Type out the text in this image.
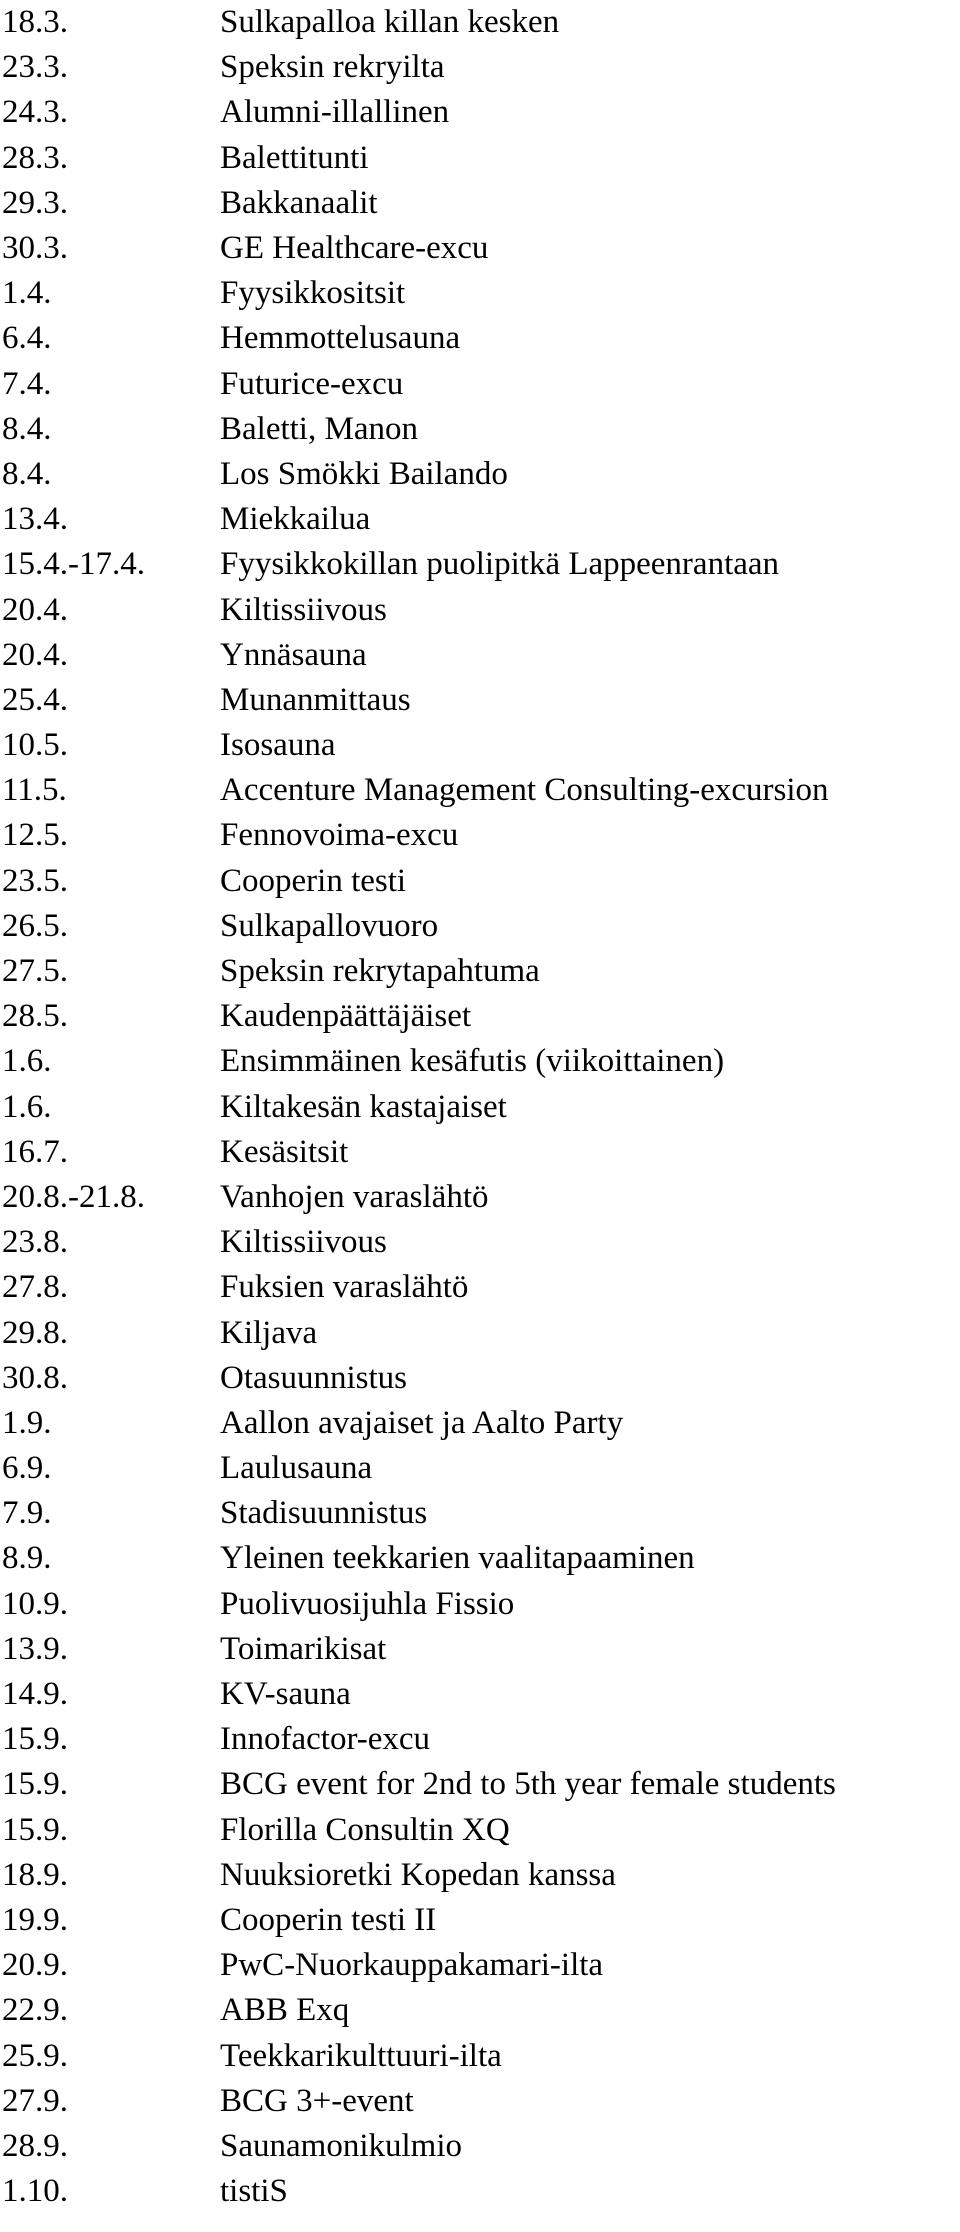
18.3.	Sulkapalloa killan kesken
23.3.	Speksin rekryilta
24.3.	Alumni-illallinen
28.3.	Balettitunti
29.3.	Bakkanaalit
30.3.	GE Healthcare-excu
1.4.	Fyysikkositsit
6.4.	Hemmottelusauna
7.4.	Futurice-excu
8.4.	Baletti, Manon
8.4.	Los Smökki Bailando
13.4.	Miekkailua
15.4.-17.4.	Fyysikkokillan puolipitkä Lappeenrantaan
20.4.	Kiltissiivous
20.4.	Ynnäsauna
25.4.	Munanmittaus
10.5.	Isosauna
11.5.	Accenture Management Consulting-excursion
12.5.	Fennovoima-excu
23.5.	Cooperin testi
26.5.	Sulkapallovuoro
27.5.	Speksin rekrytapahtuma
28.5.	Kaudenpäättäjäiset
1.6.	Ensimmäinen kesäfutis (viikoittainen)
1.6.	Kiltakesän kastajaiset
16.7.	Kesäsitsit
20.8.-21.8.	Vanhojen varaslähtö
23.8.	Kiltissiivous
27.8.	Fuksien varaslähtö
29.8.	Kiljava
30.8.	Otasuunnistus
1.9.	Aallon avajaiset ja Aalto Party
6.9.	Laulusauna
7.9.	Stadisuunnistus
8.9.	Yleinen teekkarien vaalitapaaminen
10.9.	Puolivuosijuhla Fissio
13.9.	Toimarikisat
14.9.	KV-sauna
15.9.	Innofactor-excu
15.9.	BCG event for 2nd to 5th year female students
15.9.	Florilla Consultin XQ
18.9.	Nuuksioretki Kopedan kanssa
19.9.	Cooperin testi II
20.9.	PwC-Nuorkauppakamari-ilta
22.9.	ABB Exq
25.9.	Teekkarikulttuuri-ilta
27.9.	BCG 3+-event
28.9.	Saunamonikulmio
1.10.	tistiS
